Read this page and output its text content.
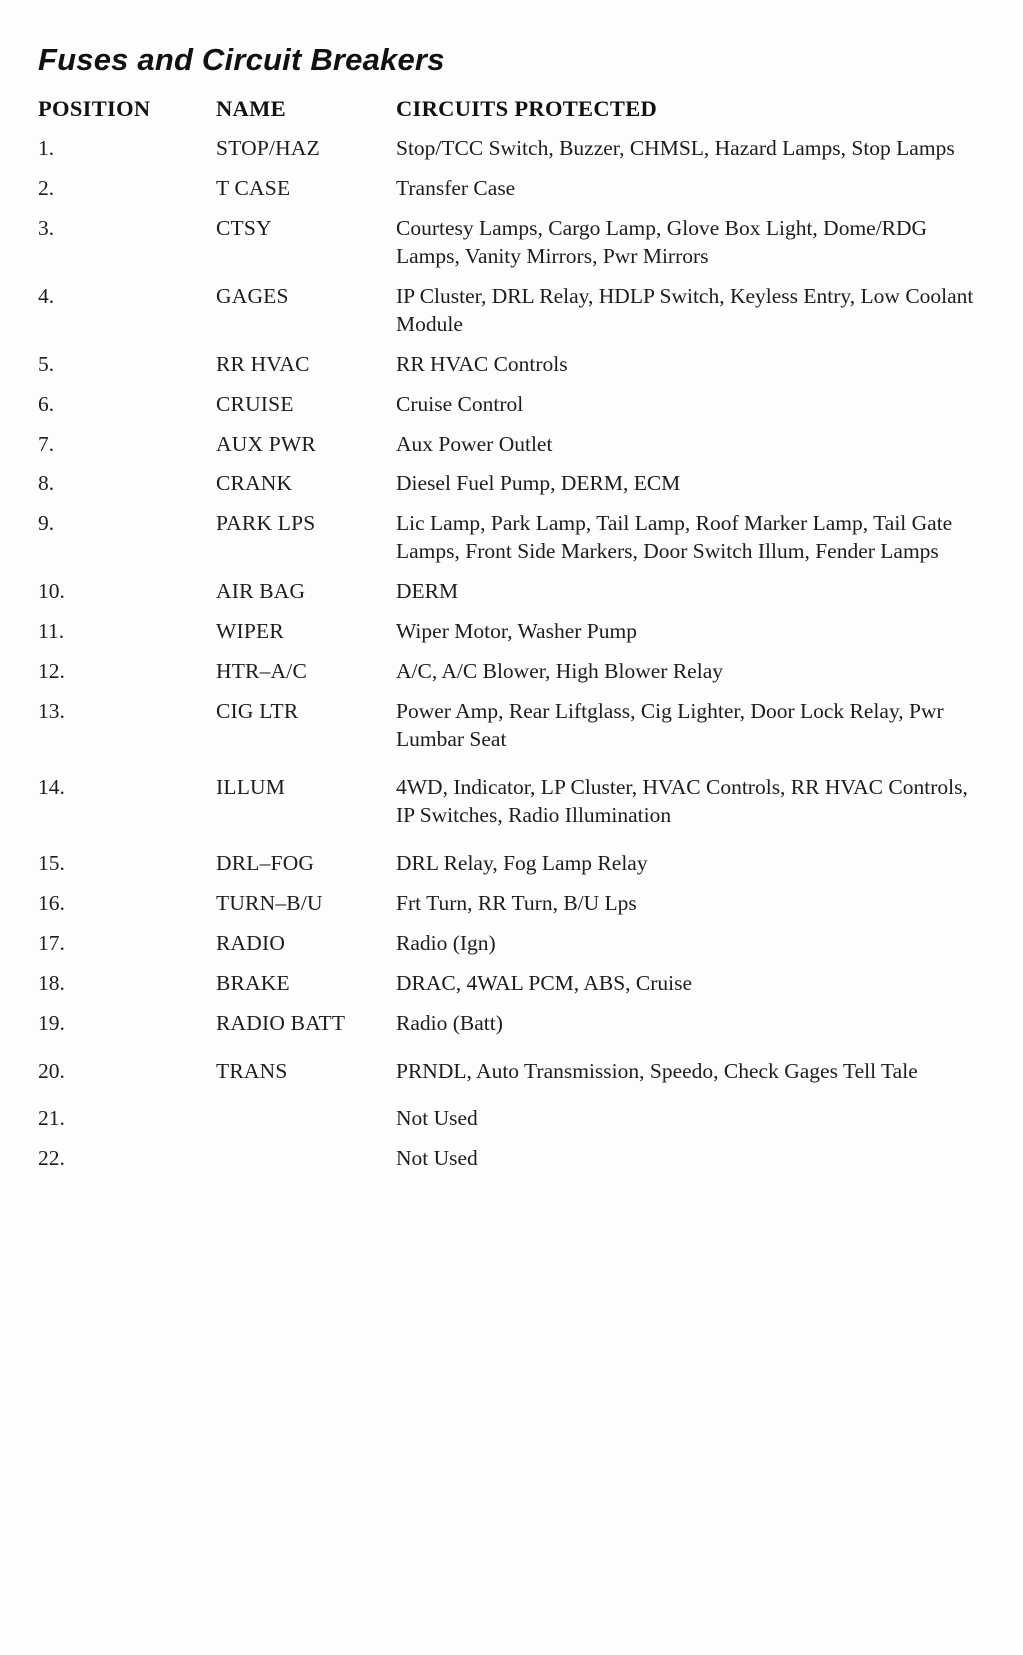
Fuses and Circuit Breakers
POSITION	NAME	CIRCUITS PROTECTED
1.	STOP/HAZ	Stop/TCC Switch, Buzzer, CHMSL, Hazard Lamps, Stop Lamps
2.	T CASE	Transfer Case
3.	CTSY	Courtesy Lamps, Cargo Lamp, Glove Box Light, Dome/RDG Lamps, Vanity Mirrors, Pwr Mirrors
4.	GAGES	IP Cluster, DRL Relay, HDLP Switch, Keyless Entry, Low Coolant Module
5.	RR HVAC	RR HVAC Controls
6.	CRUISE	Cruise Control
7.	AUX PWR	Aux Power Outlet
8.	CRANK	Diesel Fuel Pump, DERM, ECM
9.	PARK LPS	Lic Lamp, Park Lamp, Tail Lamp, Roof Marker Lamp, Tail Gate Lamps, Front Side Markers, Door Switch Illum, Fender Lamps
10.	AIR BAG	DERM
11.	WIPER	Wiper Motor, Washer Pump
12.	HTR–A/C	A/C, A/C Blower, High Blower Relay
13.	CIG LTR	Power Amp, Rear Liftglass, Cig Lighter, Door Lock Relay, Pwr Lumbar Seat
14.	ILLUM	4WD, Indicator, LP Cluster, HVAC Controls, RR HVAC Controls, IP Switches, Radio Illumination
15.	DRL–FOG	DRL Relay, Fog Lamp Relay
16.	TURN–B/U	Frt Turn, RR Turn, B/U Lps
17.	RADIO	Radio (Ign)
18.	BRAKE	DRAC, 4WAL PCM, ABS, Cruise
19.	RADIO BATT	Radio (Batt)
20.	TRANS	PRNDL, Auto Transmission, Speedo, Check Gages Tell Tale
21.		Not Used
22.		Not Used
